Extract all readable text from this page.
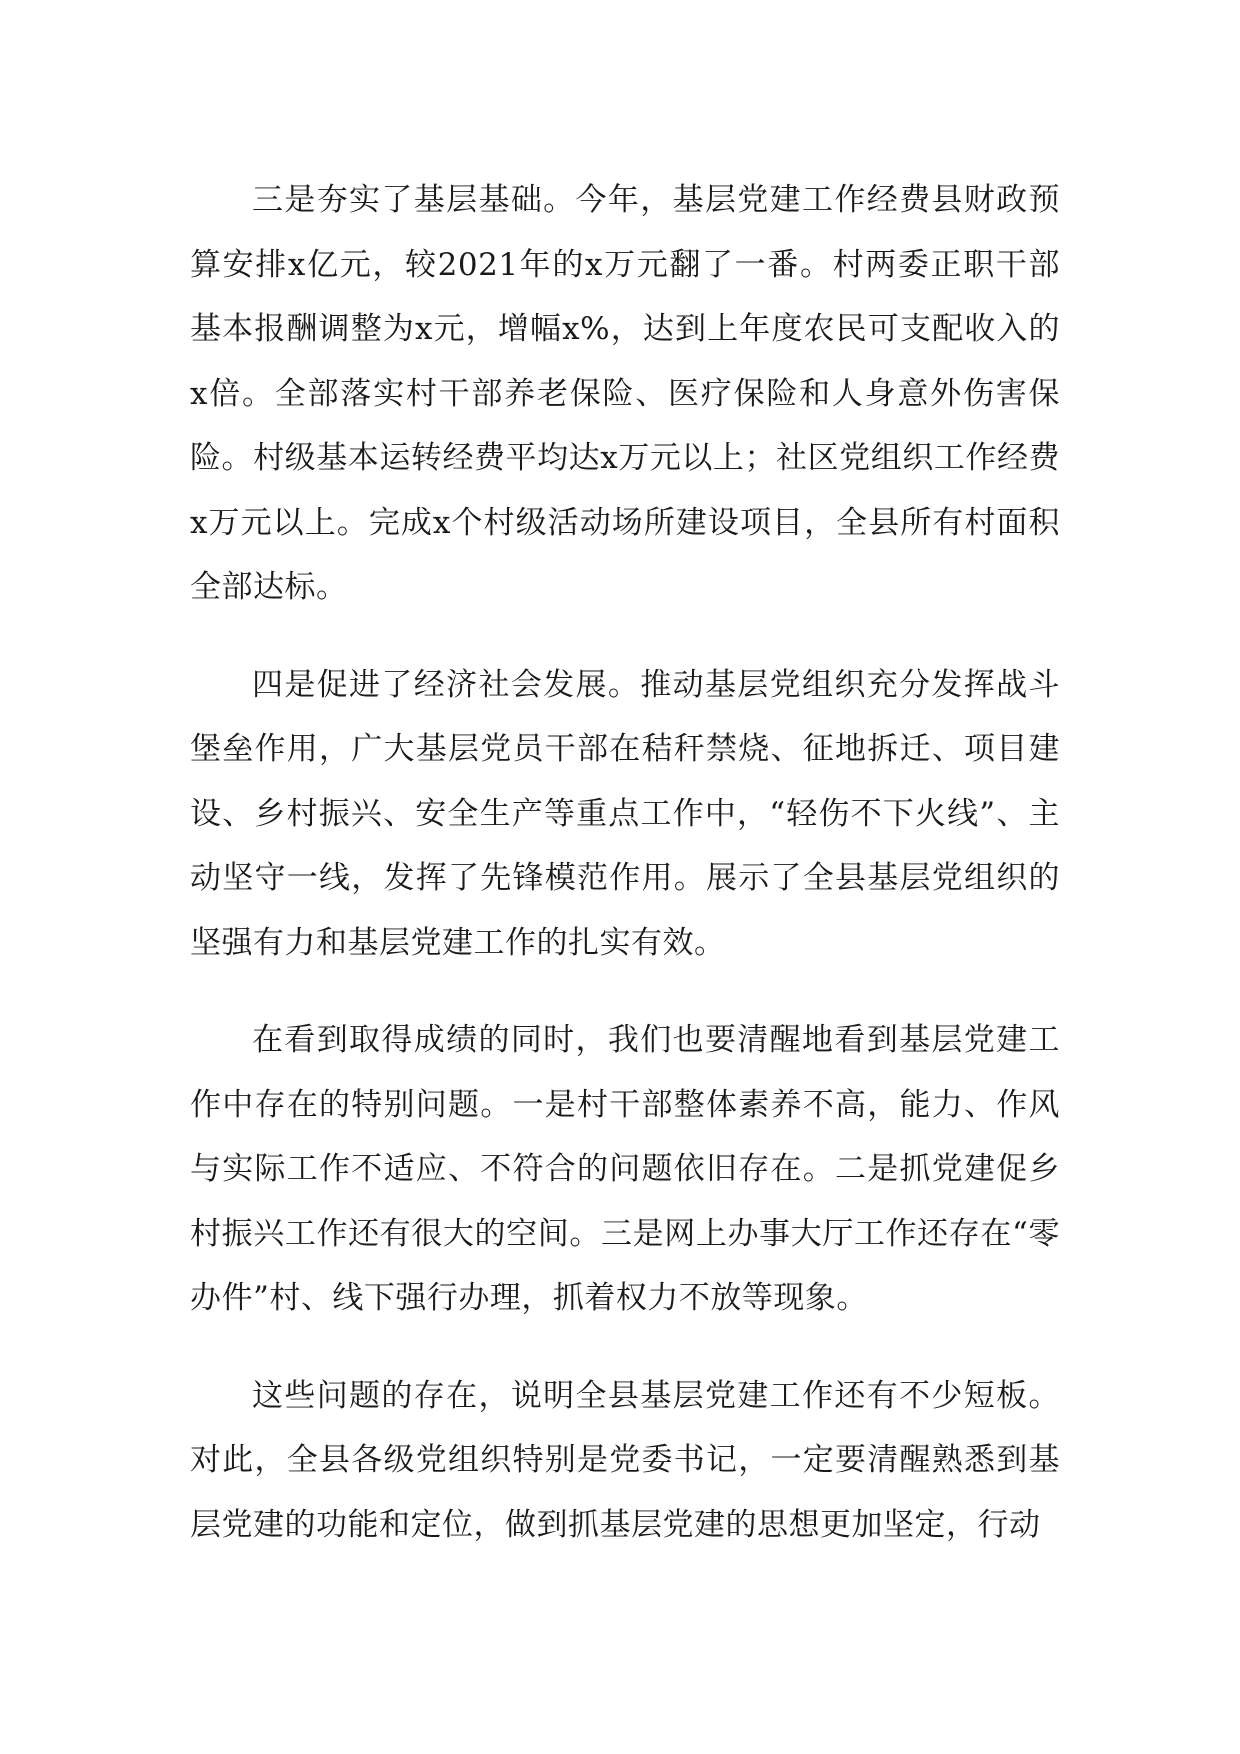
三是夯实了基层基础。今年，基层党建工作经费县财政预算安排x亿元，较2021年的x万元翻了一番。村两委正职干部基本报酬调整为x元，增幅x%，达到上年度农民可支配收入的x倍。全部落实村干部养老保险、医疗保险和人身意外伤害保险。村级基本运转经费平均达x万元以上；社区党组织工作经费x万元以上。完成x个村级活动场所建设项目，全县所有村面积全部达标。

四是促进了经济社会发展。推动基层党组织充分发挥战斗堡垒作用，广大基层党员干部在秸秆禁烧、征地拆迁、项目建设、乡村振兴、安全生产等重点工作中，“轻伤不下火线”、主动坚守一线，发挥了先锋模范作用。展示了全县基层党组织的坚强有力和基层党建工作的扎实有效。

在看到取得成绩的同时，我们也要清醒地看到基层党建工作中存在的特别问题。一是村干部整体素养不高，能力、作风与实际工作不适应、不符合的问题依旧存在。二是抓党建促乡村振兴工作还有很大的空间。三是网上办事大厅工作还存在“零办件”村、线下强行办理，抓着权力不放等现象。

这些问题的存在，说明全县基层党建工作还有不少短板。对此，全县各级党组织特别是党委书记，一定要清醒熟悉到基层党建的功能和定位，做到抓基层党建的思想更加坚定，行动
